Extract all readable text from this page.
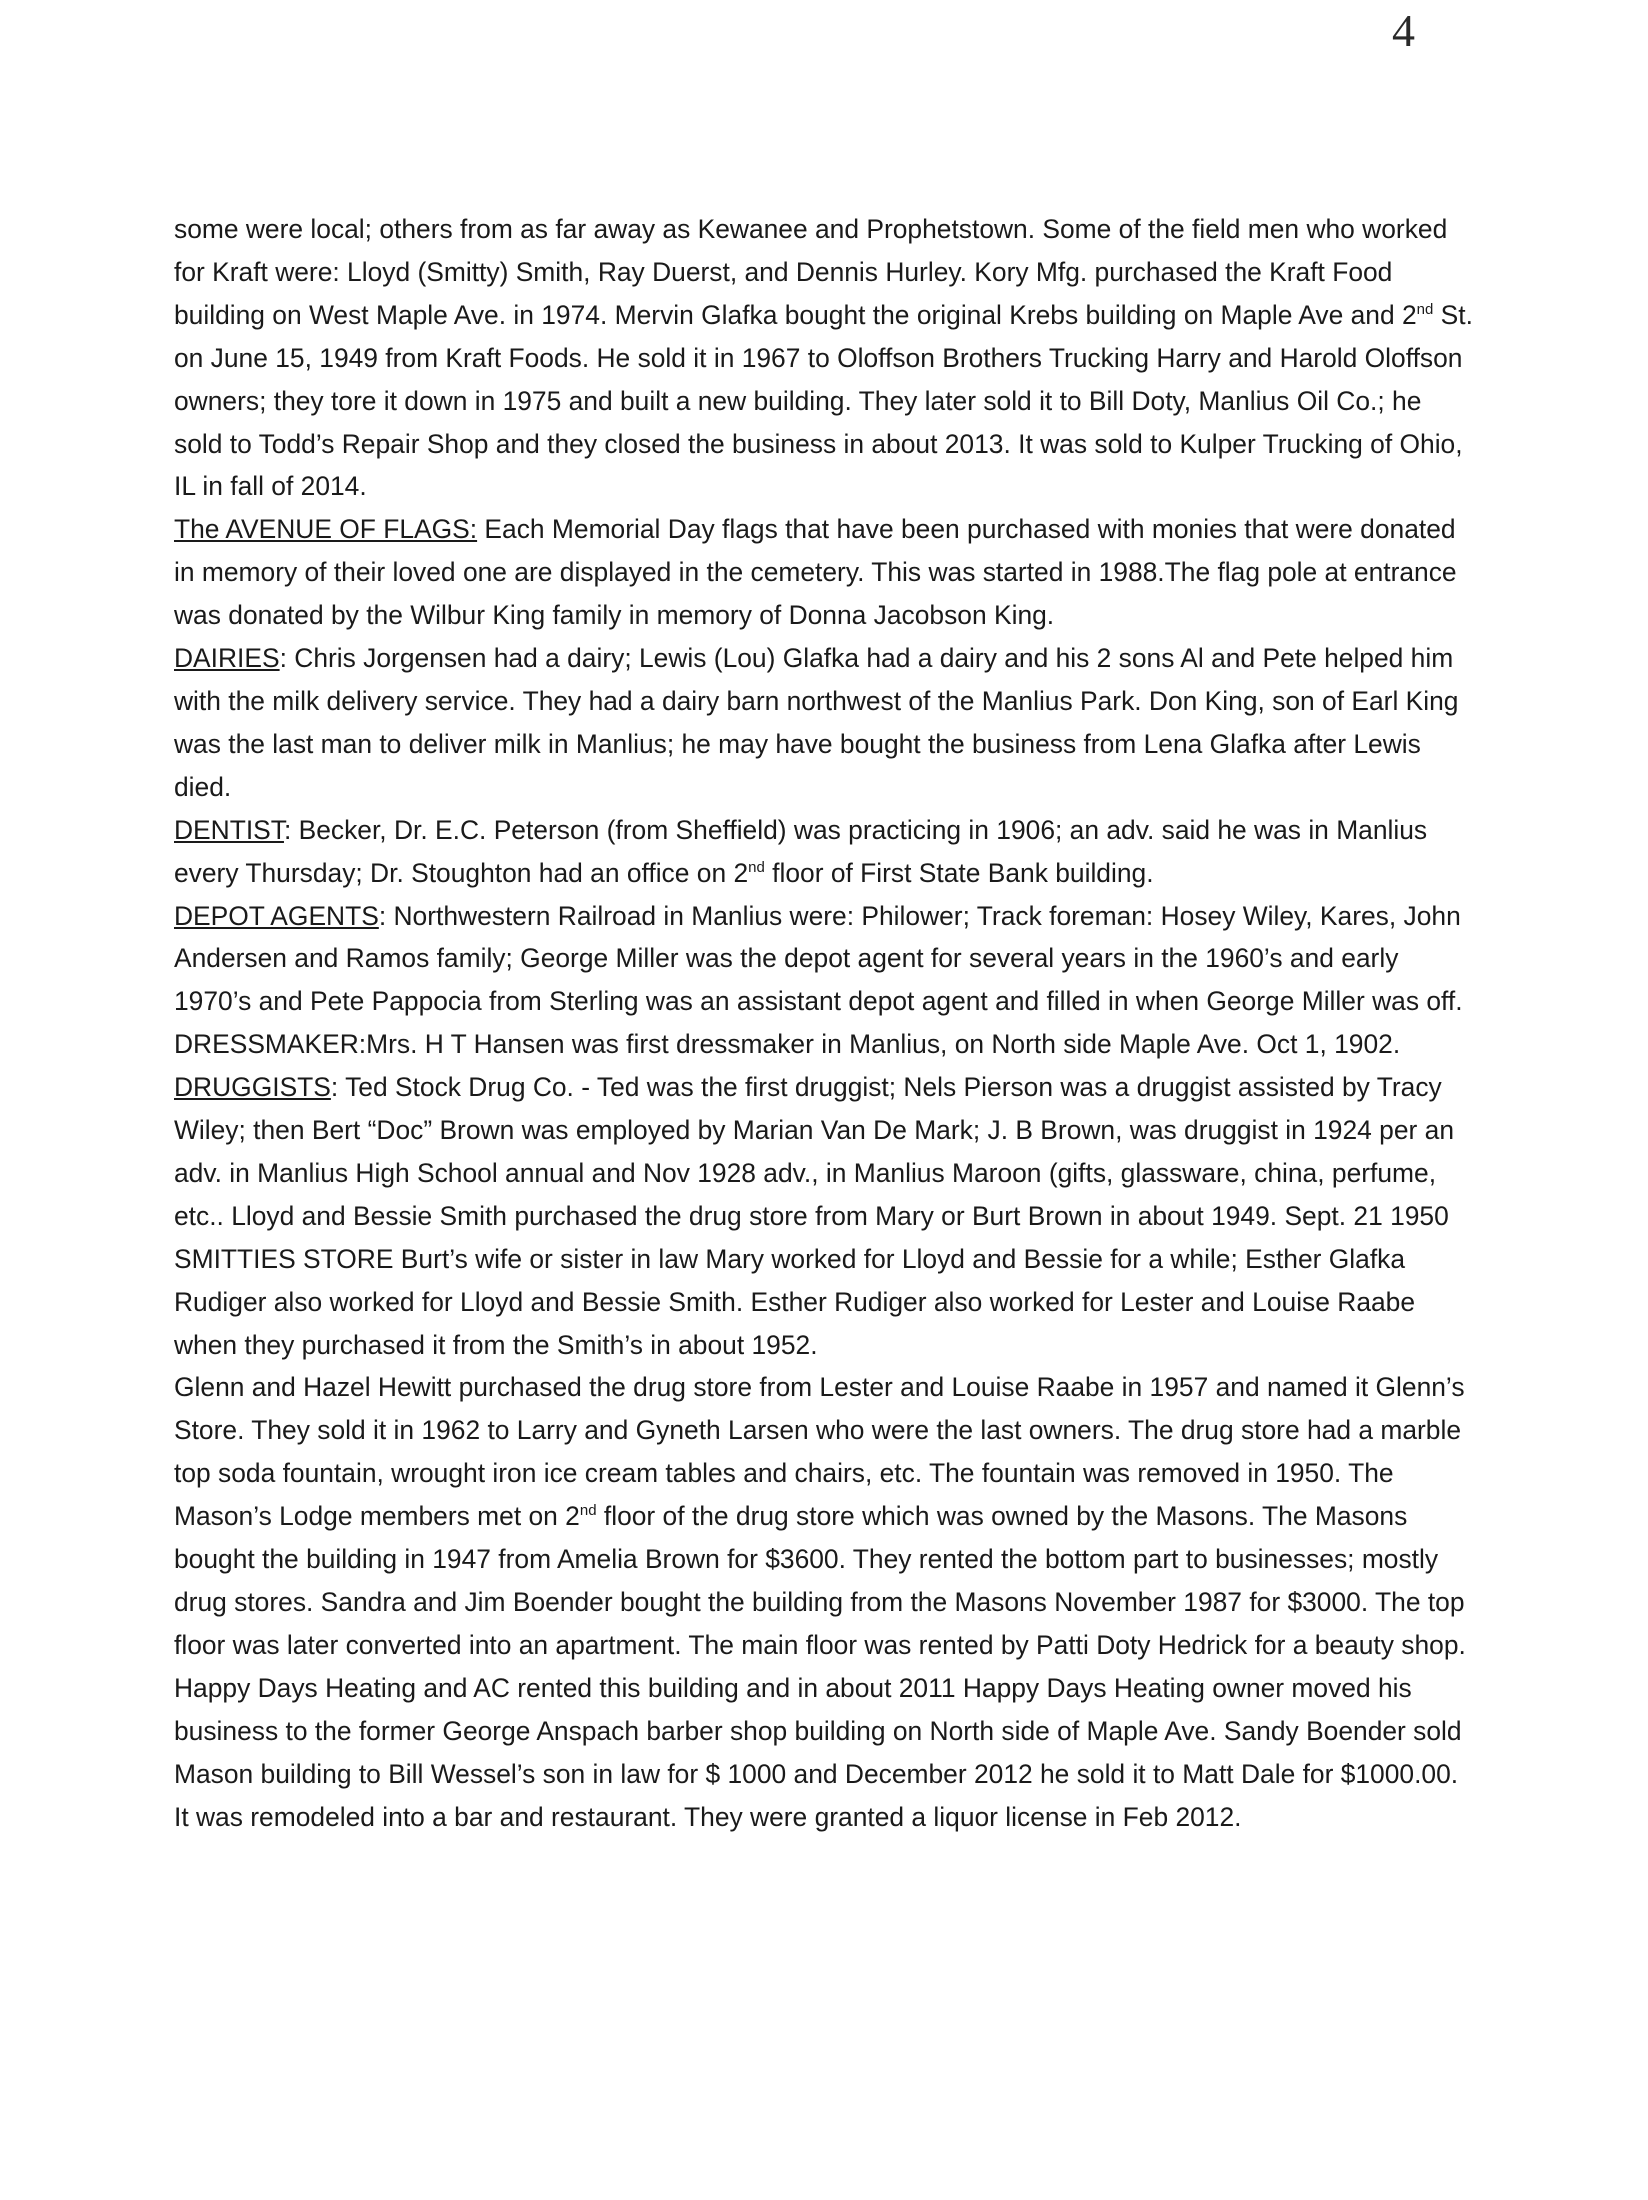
4

some were local; others from as far away as Kewanee and Prophetstown. Some of the field men who worked for Kraft were: Lloyd (Smitty) Smith, Ray Duerst, and Dennis Hurley. Kory Mfg. purchased the Kraft Food building on West Maple Ave. in 1974. Mervin Glafka bought the original Krebs building on Maple Ave and 2nd St. on June 15, 1949 from Kraft Foods. He sold it in 1967 to Oloffson Brothers Trucking Harry and Harold Oloffson owners; they tore it down in 1975 and built a new building. They later sold it to Bill Doty, Manlius Oil Co.; he sold to Todd’s Repair Shop and they closed the business in about 2013. It was sold to Kulper Trucking of Ohio, IL in fall of 2014.

The AVENUE OF FLAGS: Each Memorial Day flags that have been purchased with monies that were donated in memory of their loved one are displayed in the cemetery. This was started in 1988.The flag pole at entrance was donated by the Wilbur King family in memory of Donna Jacobson King.

DAIRIES: Chris Jorgensen had a dairy; Lewis (Lou) Glafka had a dairy and his 2 sons Al and Pete helped him with the milk delivery service. They had a dairy barn northwest of the Manlius Park. Don King, son of Earl King was the last man to deliver milk in Manlius; he may have bought the business from Lena Glafka after Lewis died.

DENTIST: Becker, Dr. E.C. Peterson (from Sheffield) was practicing in 1906; an adv. said he was in Manlius every Thursday; Dr. Stoughton had an office on 2nd floor of First State Bank building.

DEPOT AGENTS: Northwestern Railroad in Manlius were: Philower; Track foreman: Hosey Wiley, Kares, John Andersen and Ramos family; George Miller was the depot agent for several years in the 1960’s and early 1970’s and Pete Pappocia from Sterling was an assistant depot agent and filled in when George Miller was off.

DRESSMAKER:Mrs. H T Hansen was first dressmaker in Manlius, on North side Maple Ave. Oct 1, 1902.

DRUGGISTS: Ted Stock Drug Co. - Ted was the first druggist; Nels Pierson was a druggist assisted by Tracy Wiley; then Bert “Doc” Brown was employed by Marian Van De Mark; J. B Brown, was druggist in 1924 per an adv. in Manlius High School annual and Nov 1928 adv., in Manlius Maroon (gifts, glassware, china, perfume, etc.. Lloyd and Bessie Smith purchased the drug store from Mary or Burt Brown in about 1949. Sept. 21 1950 SMITTIES STORE Burt’s wife or sister in law Mary worked for Lloyd and Bessie for a while; Esther Glafka Rudiger also worked for Lloyd and Bessie Smith. Esther Rudiger also worked for Lester and Louise Raabe when they purchased it from the Smith’s in about 1952.

Glenn and Hazel Hewitt purchased the drug store from Lester and Louise Raabe in 1957 and named it Glenn’s Store. They sold it in 1962 to Larry and Gyneth Larsen who were the last owners. The drug store had a marble top soda fountain, wrought iron ice cream tables and chairs, etc. The fountain was removed in 1950. The Mason’s Lodge members met on 2nd floor of the drug store which was owned by the Masons. The Masons bought the building in 1947 from Amelia Brown for $3600. They rented the bottom part to businesses; mostly drug stores. Sandra and Jim Boender bought the building from the Masons November 1987 for $3000. The top floor was later converted into an apartment. The main floor was rented by Patti Doty Hedrick for a beauty shop. Happy Days Heating and AC rented this building and in about 2011 Happy Days Heating owner moved his business to the former George Anspach barber shop building on North side of Maple Ave. Sandy Boender sold Mason building to Bill Wessel’s son in law for $ 1000 and December 2012 he sold it to Matt Dale for $1000.00. It was remodeled into a bar and restaurant. They were granted a liquor license in Feb 2012.
